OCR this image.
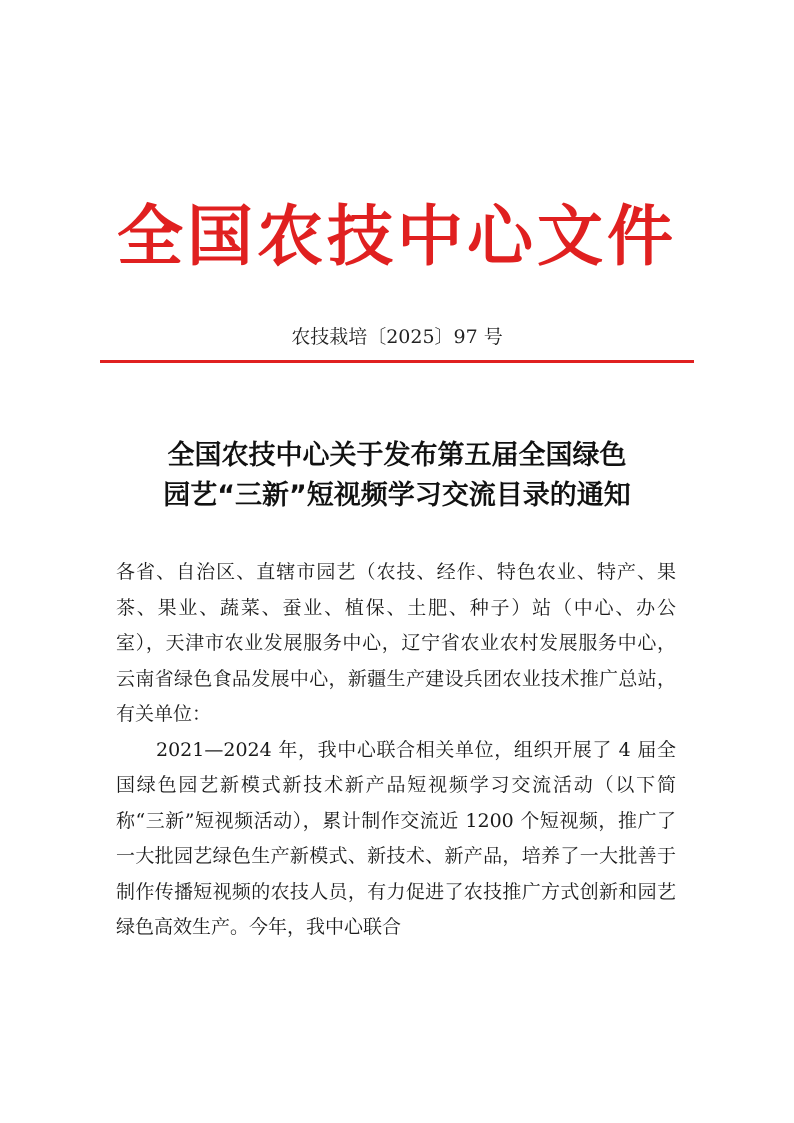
全国农技中心文件
农技栽培〔2025〕97 号
全国农技中心关于发布第五届全国绿色
园艺“三新”短视频学习交流目录的通知

各省、自治区、直辖市园艺（农技、经作、特色农业、特产、果茶、果业、蔬菜、蚕业、植保、土肥、种子）站（中心、办公室），天津市农业发展服务中心，辽宁省农业农村发展服务中心，云南省绿色食品发展中心，新疆生产建设兵团农业技术推广总站，有关单位：

2021—2024 年，我中心联合相关单位，组织开展了 4 届全国绿色园艺新模式新技术新产品短视频学习交流活动（以下简称“三新”短视频活动），累计制作交流近 1200 个短视频，推广了一大批园艺绿色生产新模式、新技术、新产品，培养了一大批善于制作传播短视频的农技人员，有力促进了农技推广方式创新和园艺绿色高效生产。今年，我中心联合
